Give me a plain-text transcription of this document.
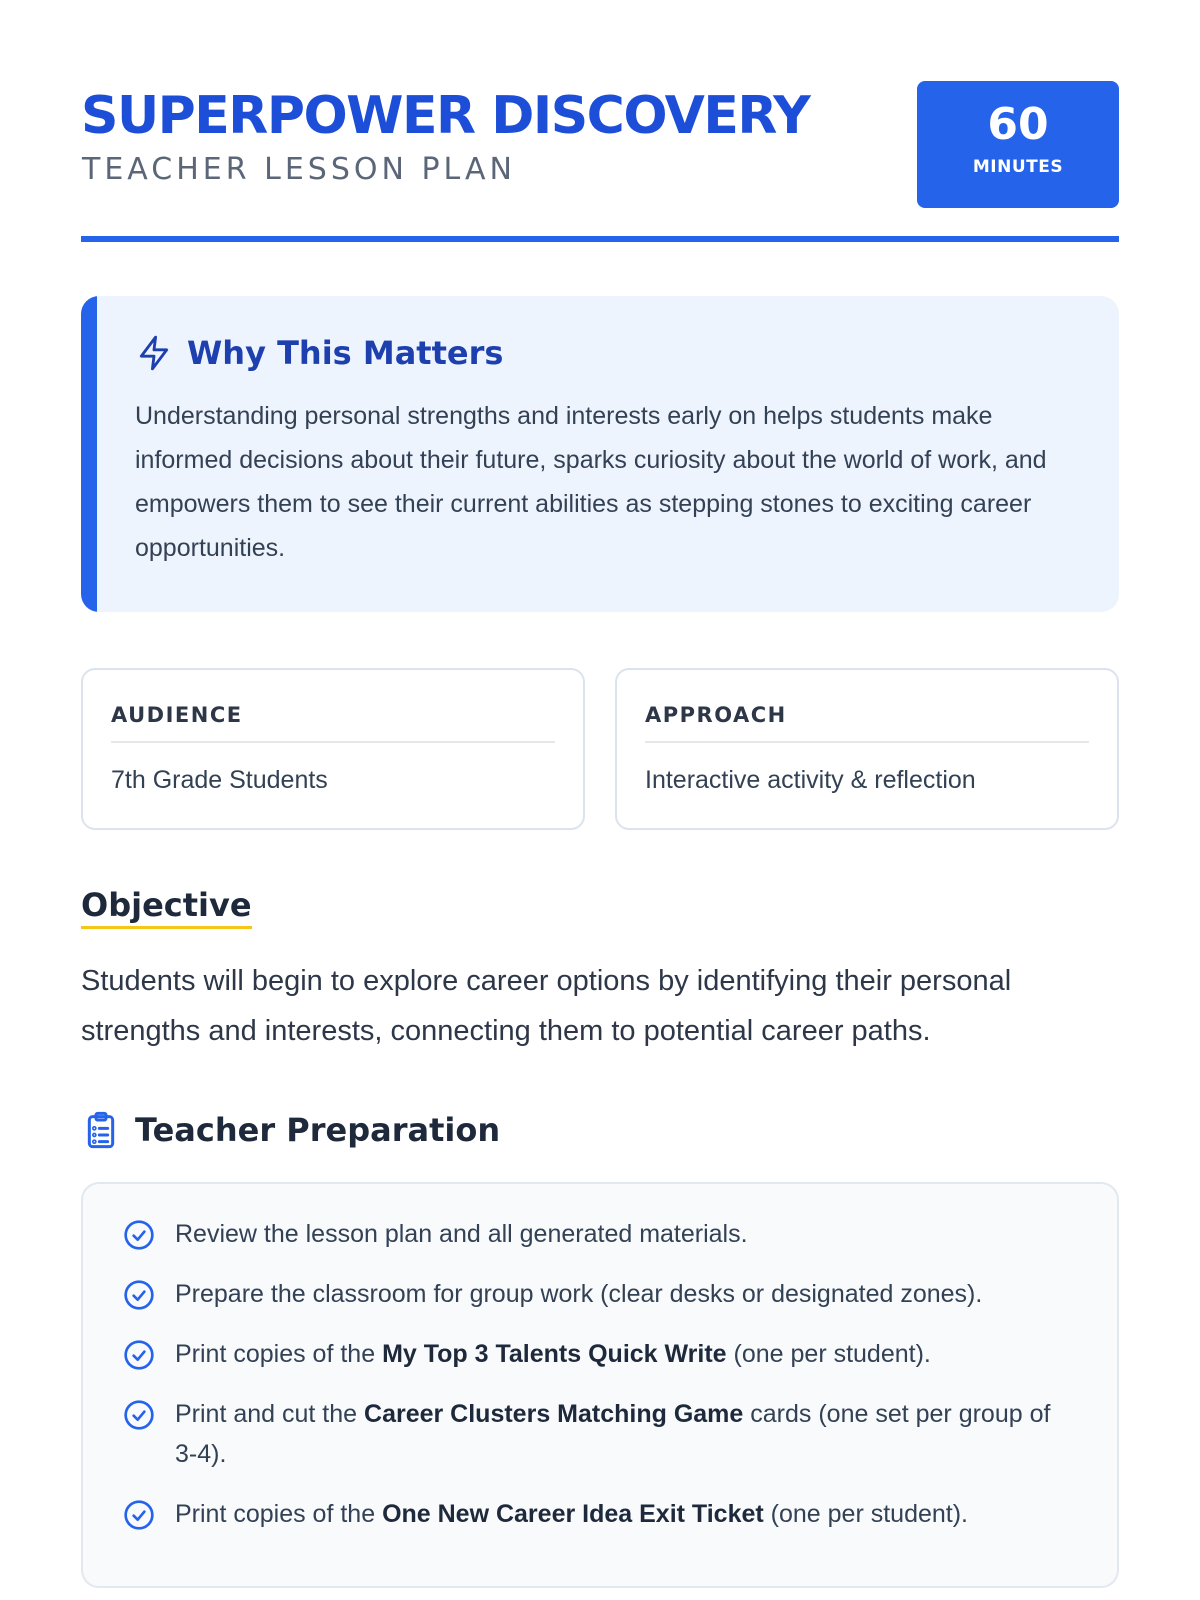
SUPERPOWER DISCOVERY
TEACHER LESSON PLAN
60
MINUTES
Why This Matters

Understanding personal strengths and interests early on helps students make informed decisions about their future, sparks curiosity about the world of work, and empowers them to see their current abilities as stepping stones to exciting career opportunities.

AUDIENCE
7th Grade Students
APPROACH
Interactive activity & reflection
Objective

Students will begin to explore career options by identifying their personal strengths and interests, connecting them to potential career paths.

Teacher Preparation
Review the lesson plan and all generated materials.
Prepare the classroom for group work (clear desks or designated zones).
Print copies of the My Top 3 Talents Quick Write (one per student).
Print and cut the Career Clusters Matching Game cards (one set per group of 3-4).
Print copies of the One New Career Idea Exit Ticket (one per student).
